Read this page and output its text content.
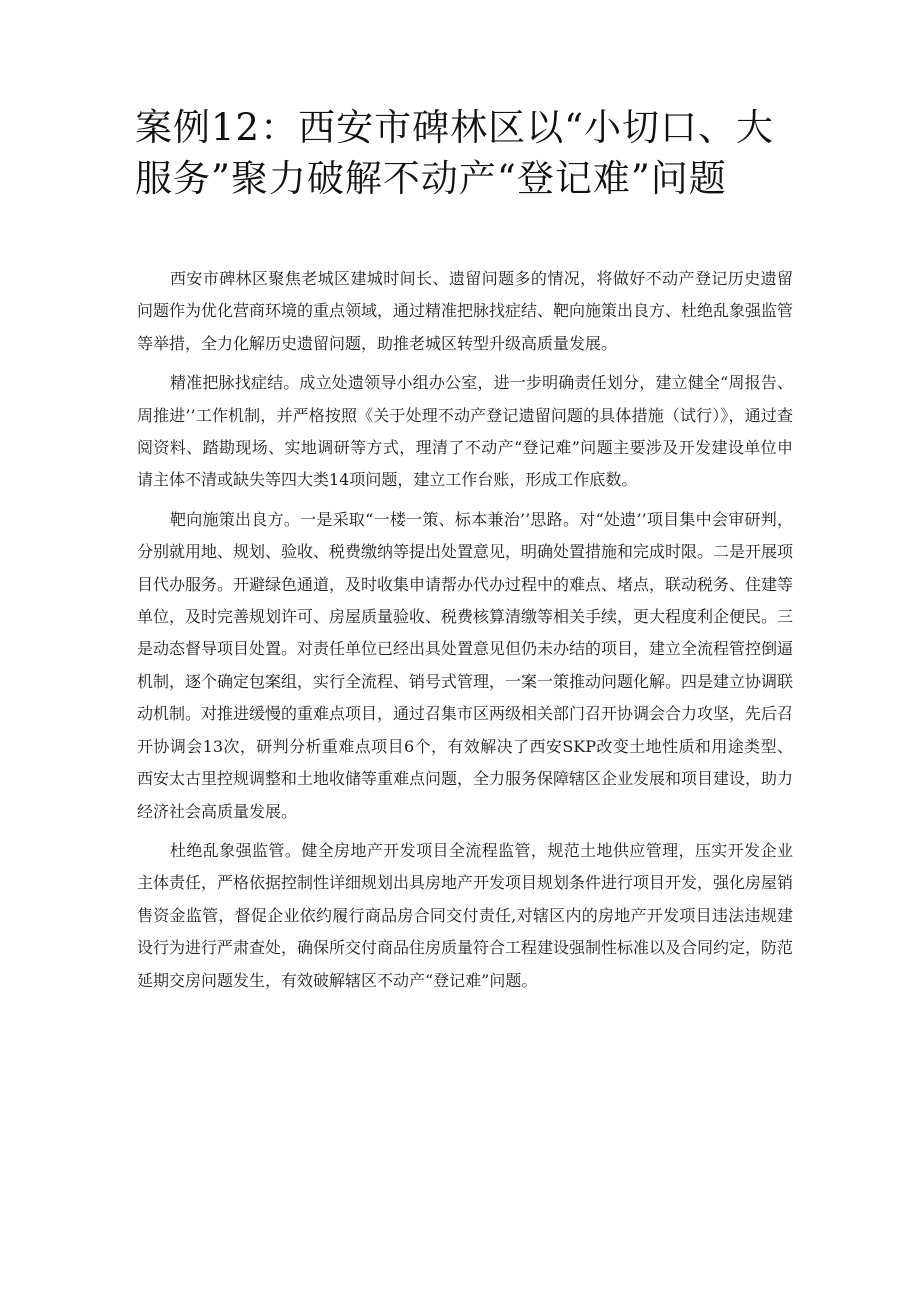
案例12：西安市碑林区以“小切口、大服务”聚力破解不动产“登记难”问题

西安市碑林区聚焦老城区建城时间长、遗留问题多的情况，将做好不动产登记历史遗留问题作为优化营商环境的重点领域，通过精准把脉找症结、靶向施策出良方、杜绝乱象强监管等举措，全力化解历史遗留问题，助推老城区转型升级高质量发展。

精准把脉找症结。成立处遗领导小组办公室，进一步明确责任划分，建立健全“周报告、周推进’’工作机制，并严格按照《关于处理不动产登记遗留问题的具体措施（试行）》，通过查阅资料、踏勘现场、实地调研等方式，理清了不动产“登记难”问题主要涉及开发建设单位申请主体不清或缺失等四大类14项问题，建立工作台账，形成工作底数。

靶向施策出良方。一是采取“一楼一策、标本兼治’’思路。对“处遗’’项目集中会审研判，分别就用地、规划、验收、税费缴纳等提出处置意见，明确处置措施和完成时限。二是开展项目代办服务。开避绿色通道，及时收集申请帮办代办过程中的难点、堵点，联动税务、住建等单位，及时完善规划许可、房屋质量验收、税费核算清缴等相关手续，更大程度利企便民。三是动态督导项目处置。对责任单位已经出具处置意见但仍未办结的项目，建立全流程管控倒逼机制，逐个确定包案组，实行全流程、销号式管理，一案一策推动问题化解。四是建立协调联动机制。对推进缓慢的重难点项目，通过召集市区两级相关部门召开协调会合力攻坚，先后召开协调会13次，研判分析重难点项目6个，有效解决了西安SKP改变土地性质和用途类型、西安太古里控规调整和土地收储等重难点问题，全力服务保障辖区企业发展和项目建设，助力经济社会高质量发展。

杜绝乱象强监管。健全房地产开发项目全流程监管，规范土地供应管理，压实开发企业主体责任，严格依据控制性详细规划出具房地产开发项目规划条件进行项目开发，强化房屋销售资金监管，督促企业依约履行商品房合同交付责任,对辖区内的房地产开发项目违法违规建设行为进行严肃查处，确保所交付商品住房质量符合工程建设强制性标准以及合同约定，防范延期交房问题发生，有效破解辖区不动产“登记难”问题。
